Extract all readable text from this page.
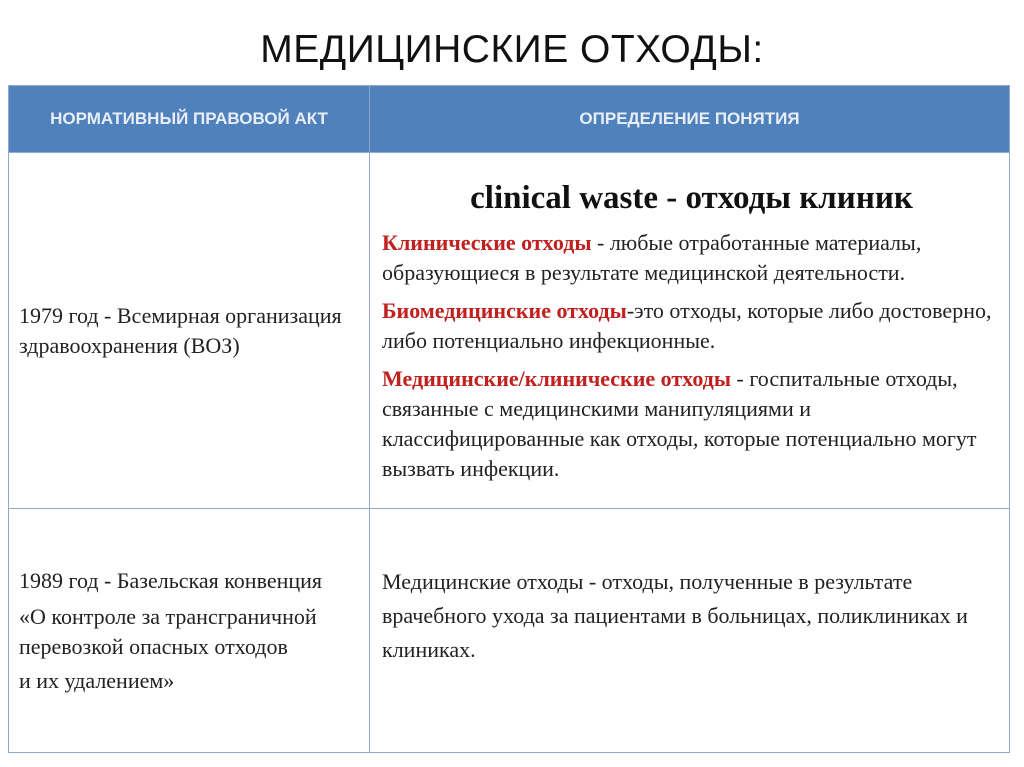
МЕДИЦИНСКИЕ ОТХОДЫ:
НОРМАТИВНЫЙ ПРАВОВОЙ АКТ	ОПРЕДЕЛЕНИЕ ПОНЯТИЯ
1979 год - Всемирная организация здравоохранения (ВОЗ)	clinical waste - отходы клиник

Клинические отходы - любые отработанные материалы, образующиеся в результате медицинской деятельности.

Биомедицинские отходы-это отходы, которые либо достоверно, либо потенциально инфекционные.

Медицинские/клинические отходы - госпитальные отходы, связанные с медицинскими манипуляциями и классифицированные как отходы, которые потенциально могут вызвать инфекции.

1989 год - Базельская конвенция

«О контроле за трансграничной перевозкой опасных отходов

и их удалением»	Медицинские отходы - отходы, полученные в результате врачебного ухода за пациентами в больницах, поликлиниках и клиниках.
